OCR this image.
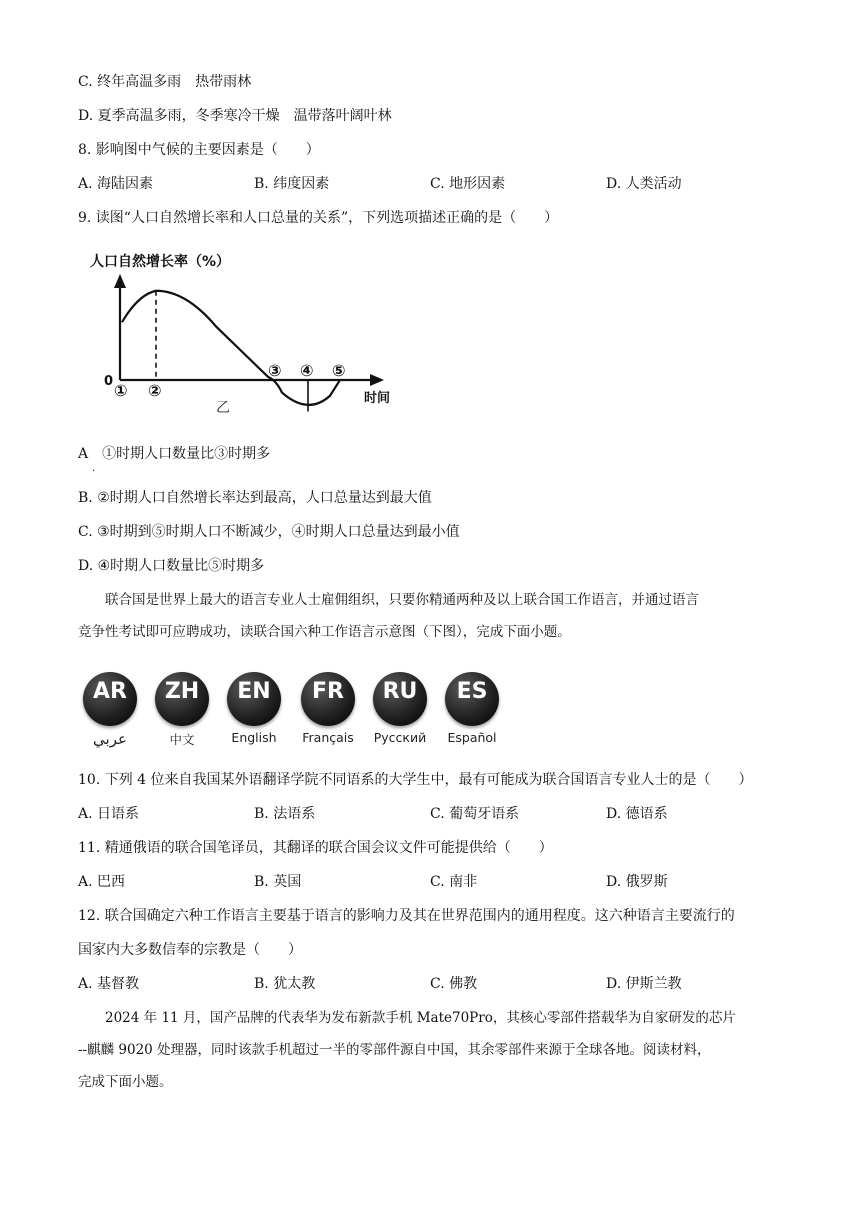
C. 终年高温多雨　热带雨林
D. 夏季高温多雨，冬季寒冷干燥　温带落叶阔叶林
8. 影响图中气候的主要因素是（　　）
A. 海陆因素	B. 纬度因素	C. 地形因素	D. 人类活动
9. 读图“人口自然增长率和人口总量的关系”，下列选项描述正确的是（　　）
人口自然增长率（%）
0
时间
① ②
③ ④ ⑤
乙
A　①时期人口数量比③时期多
·
B. ②时期人口自然增长率达到最高，人口总量达到最大值
C. ③时期到⑤时期人口不断减少，④时期人口总量达到最小值
D. ④时期人口数量比⑤时期多

联合国是世界上最大的语言专业人士雇佣组织，只要你精通两种及以上联合国工作语言，并通过语言

竞争性考试即可应聘成功，读联合国六种工作语言示意图（下图），完成下面小题。

AR
عربي
ZH
中文
EN
English
FR
Français
RU
Русский
ES
Español
10. 下列 4 位来自我国某外语翻译学院不同语系的大学生中，最有可能成为联合国语言专业人士的是（　　）
A. 日语系	B. 法语系	C. 葡萄牙语系	D. 德语系
11. 精通俄语的联合国笔译员，其翻译的联合国会议文件可能提供给（　　）
A. 巴西	B. 英国	C. 南非	D. 俄罗斯
12. 联合国确定六种工作语言主要基于语言的影响力及其在世界范围内的通用程度。这六种语言主要流行的
国家内大多数信奉的宗教是（　　）
A. 基督教	B. 犹太教	C. 佛教	D. 伊斯兰教

2024 年 11 月，国产品牌的代表华为发布新款手机 Mate70Pro，其核心零部件搭载华为自家研发的芯片

--麒麟 9020 处理器，同时该款手机超过一半的零部件源自中国，其余零部件来源于全球各地。阅读材料，

完成下面小题。
